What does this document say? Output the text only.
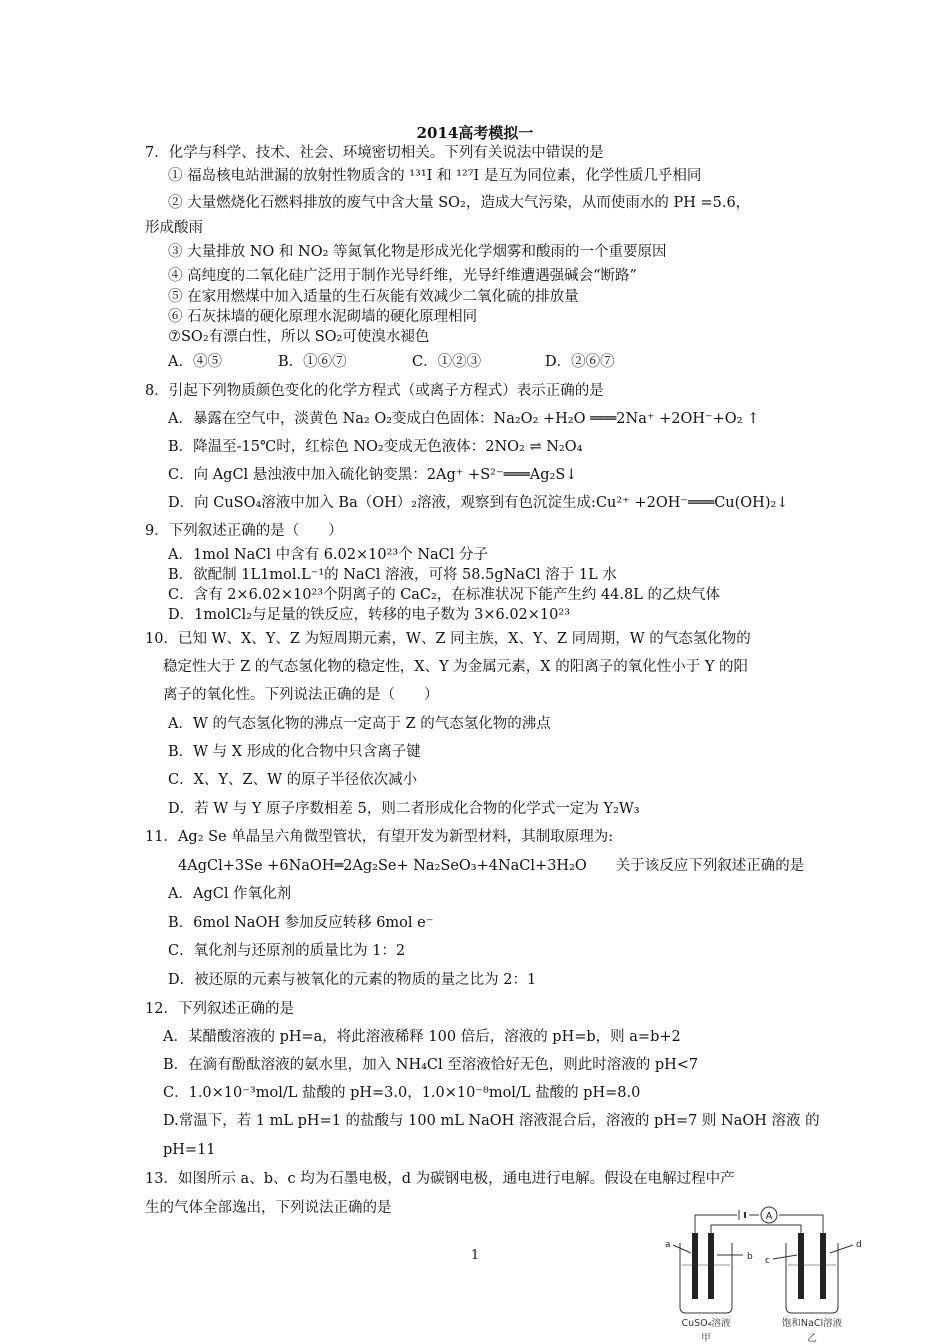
2014高考模拟一
7．化学与科学、技术、社会、环境密切相关。下列有关说法中错误的是
① 福岛核电站泄漏的放射性物质含的 ¹³¹I 和 ¹²⁷I 是互为同位素，化学性质几乎相同
② 大量燃烧化石燃料排放的废气中含大量 SO₂，造成大气污染，从而使雨水的 PH =5.6，
形成酸雨
③ 大量排放 NO 和 NO₂ 等氮氧化物是形成光化学烟雾和酸雨的一个重要原因
④ 高纯度的二氧化硅广泛用于制作光导纤维，光导纤维遭遇强碱会“断路”
⑤ 在家用燃煤中加入适量的生石灰能有效减少二氧化硫的排放量
⑥ 石灰抹墙的硬化原理水泥砌墙的硬化原理相同
⑦SO₂有漂白性，所以 SO₂可使溴水褪色
A．④⑤	B．①⑥⑦	C．①②③	D．②⑥⑦
8．引起下列物质颜色变化的化学方程式（或离子方程式）表示正确的是
A．暴露在空气中，淡黄色 Na₂ O₂变成白色固体：Na₂O₂ +H₂O ═══2Na⁺ +2OH⁻+O₂ ↑
B．降温至-15℃时，红棕色 NO₂变成无色液体：2NO₂ ⇌ N₂O₄
C．向 AgCl 悬浊液中加入硫化钠变黑：2Ag⁺ +S²⁻═══Ag₂S↓
D．向 CuSO₄溶液中加入 Ba（OH）₂溶液，观察到有色沉淀生成:Cu²⁺ +2OH⁻═══Cu(OH)₂↓
9．下列叙述正确的是（　　）
A．1mol NaCl 中含有 6.02×10²³个 NaCl 分子
B．欲配制 1L1mol.L⁻¹的 NaCl 溶液，可将 58.5gNaCl 溶于 1L 水
C．含有 2×6.02×10²³个阴离子的 CaC₂，在标准状况下能产生约 44.8L 的乙炔气体
D．1molCl₂与足量的铁反应，转移的电子数为 3×6.02×10²³
10．已知 W、X、Y、Z 为短周期元素，W、Z 同主族，X、Y、Z 同周期，W 的气态氢化物的
稳定性大于 Z 的气态氢化物的稳定性，X、Y 为金属元素，X 的阳离子的氧化性小于 Y 的阳
离子的氧化性。下列说法正确的是（　　）
A．W 的气态氢化物的沸点一定高于 Z 的气态氢化物的沸点
B．W 与 X 形成的化合物中只含离子键
C．X、Y、Z、W 的原子半径依次减小
D．若 W 与 Y 原子序数相差 5，则二者形成化合物的化学式一定为 Y₂W₃
11．Ag₂ Se 单晶呈六角微型管状，有望开发为新型材料，其制取原理为:
4AgCl+3Se +6NaOH═2Ag₂Se+ Na₂SeO₃+4NaCl+3H₂O　　关于该反应下列叙述正确的是
A．AgCl 作氧化剂
B．6mol NaOH 参加反应转移 6mol e⁻
C．氧化剂与还原剂的质量比为 1：2
D．被还原的元素与被氧化的元素的物质的量之比为 2：1
12．下列叙述正确的是
A．某醋酸溶液的 pH=a，将此溶液稀释 100 倍后，溶液的 pH=b，则 a=b+2
B．在滴有酚酞溶液的氨水里，加入 NH₄Cl 至溶液恰好无色，则此时溶液的 pH<7
C．1.0×10⁻³mol/L 盐酸的 pH=3.0，1.0×10⁻⁸mol/L 盐酸的 pH=8.0
D.常温下，若 1 mL pH=1 的盐酸与 100 mL NaOH 溶液混合后，溶液的 pH=7 则 NaOH 溶液 的
pH=11
13．如图所示 a、b、c 均为石墨电极，d 为碳钢电极，通电进行电解。假设在电解过程中产
生的气体全部逸出，下列说法正确的是
1
A
a
b c
d
CuSO₄溶液
甲
饱和NaCl溶液
乙
